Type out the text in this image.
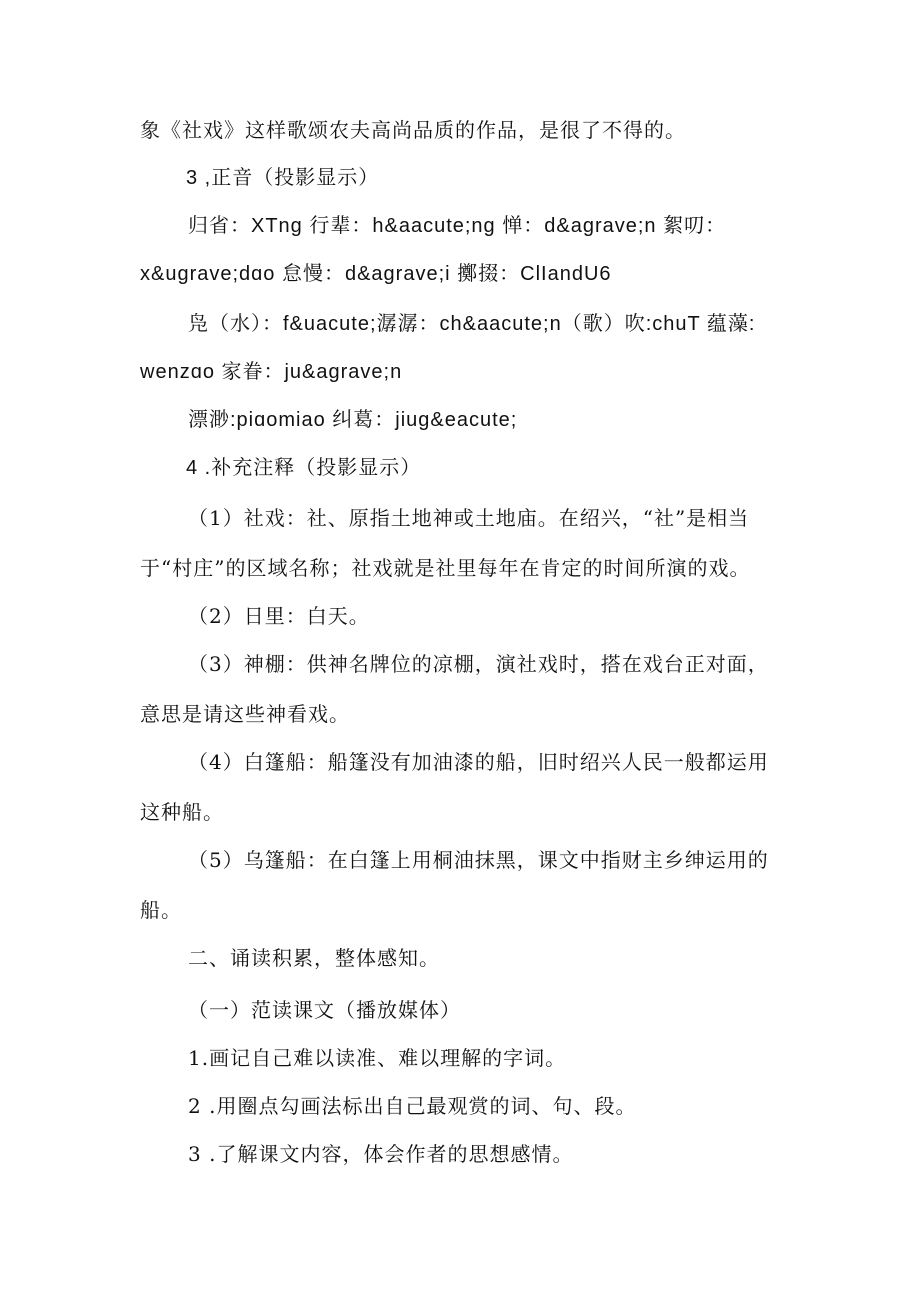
象《社戏》这样歌颂农夫高尚品质的作品，是很了不得的。
3 ,正音（投影显示）
归省：XTng 行辈：h&aacute;ng 惮：d&agrave;n 絮叨：
x&ugrave;dɑo 怠慢：d&agrave;i 擲掇：ClIandU6
凫（水）：f&uacute;潺潺：ch&aacute;n（歌）吹:chuT 蕴藻:
wenzɑo 家眷：ju&agrave;n
漂渺:piɑomiao 纠葛：jiug&eacute;
4 .补充注释（投影显示）
（1）社戏：社、原指土地神或土地庙。在绍兴，“社”是相当
于“村庄”的区域名称；社戏就是社里每年在肯定的时间所演的戏。
（2）日里：白天。
（3）神棚：供神名牌位的凉棚，演社戏时，搭在戏台正对面，
意思是请这些神看戏。
（4）白篷船：船篷没有加油漆的船，旧时绍兴人民一般都运用
这种船。
（5）乌篷船：在白篷上用桐油抹黑，课文中指财主乡绅运用的
船。
二、诵读积累，整体感知。
（一）范读课文（播放媒体）
1.画记自己难以读准、难以理解的字词。
2 .用圈点勾画法标出自己最观赏的词、句、段。
3 .了解课文内容，体会作者的思想感情。
